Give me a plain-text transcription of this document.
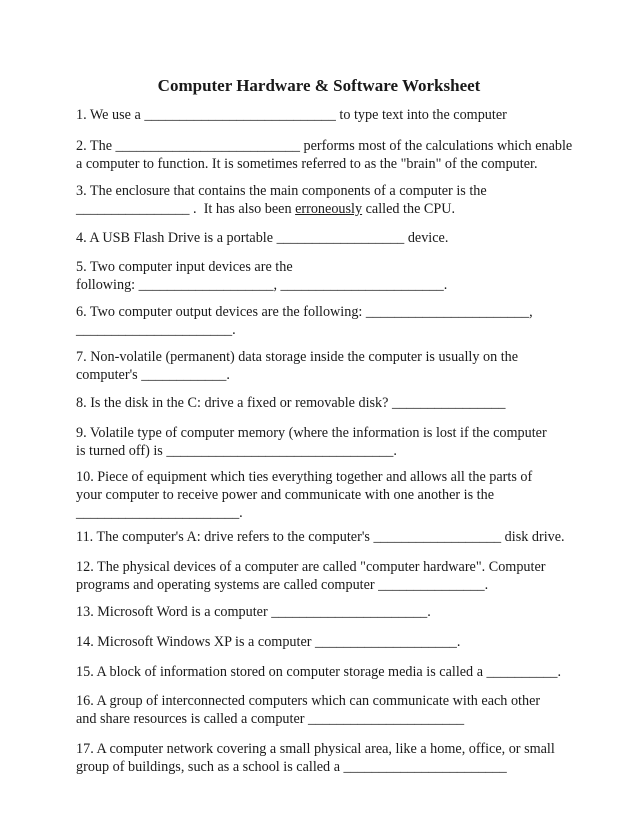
Computer Hardware & Software Worksheet
1. We use a ___________________________ to type text into the computer
2. The __________________________ performs most of the calculations which enable
a computer to function. It is sometimes referred to as the "brain" of the computer.
3. The enclosure that contains the main components of a computer is the
________________ .  It has also been erroneously called the CPU.
4. A USB Flash Drive is a portable __________________ device.
5. Two computer input devices are the
following: ___________________, _______________________.
6. Two computer output devices are the following: _______________________,
______________________.
7. Non-volatile (permanent) data storage inside the computer is usually on the
computer's ____________.
8. Is the disk in the C: drive a fixed or removable disk? ________________
9. Volatile type of computer memory (where the information is lost if the computer
is turned off) is ________________________________.
10. Piece of equipment which ties everything together and allows all the parts of
your computer to receive power and communicate with one another is the
_______________________.
11. The computer's A: drive refers to the computer's __________________ disk drive.
12. The physical devices of a computer are called "computer hardware". Computer
programs and operating systems are called computer _______________.
13. Microsoft Word is a computer ______________________.
14. Microsoft Windows XP is a computer ____________________.
15. A block of information stored on computer storage media is called a __________.
16. A group of interconnected computers which can communicate with each other
and share resources is called a computer ______________________
17. A computer network covering a small physical area, like a home, office, or small
group of buildings, such as a school is called a _______________________
